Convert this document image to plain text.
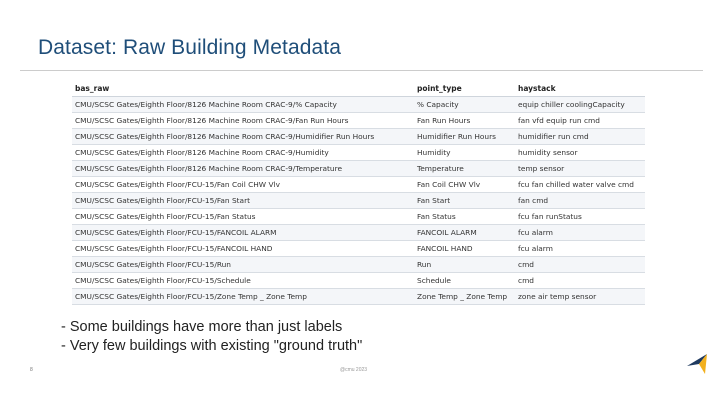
Dataset: Raw Building Metadata
bas_raw	point_type	haystack
CMU/SCSC Gates/Eighth Floor/8126 Machine Room CRAC-9/% Capacity	% Capacity	equip chiller coolingCapacity
CMU/SCSC Gates/Eighth Floor/8126 Machine Room CRAC-9/Fan Run Hours	Fan Run Hours	fan vfd equip run cmd
CMU/SCSC Gates/Eighth Floor/8126 Machine Room CRAC-9/Humidifier Run Hours	Humidifier Run Hours	humidifier run cmd
CMU/SCSC Gates/Eighth Floor/8126 Machine Room CRAC-9/Humidity	Humidity	humidity sensor
CMU/SCSC Gates/Eighth Floor/8126 Machine Room CRAC-9/Temperature	Temperature	temp sensor
CMU/SCSC Gates/Eighth Floor/FCU-15/Fan Coil CHW Vlv	Fan Coil CHW Vlv	fcu fan chilled water valve cmd
CMU/SCSC Gates/Eighth Floor/FCU-15/Fan Start	Fan Start	fan cmd
CMU/SCSC Gates/Eighth Floor/FCU-15/Fan Status	Fan Status	fcu fan runStatus
CMU/SCSC Gates/Eighth Floor/FCU-15/FANCOIL ALARM	FANCOIL ALARM	fcu alarm
CMU/SCSC Gates/Eighth Floor/FCU-15/FANCOIL HAND	FANCOIL HAND	fcu alarm
CMU/SCSC Gates/Eighth Floor/FCU-15/Run	Run	cmd
CMU/SCSC Gates/Eighth Floor/FCU-15/Schedule	Schedule	cmd
CMU/SCSC Gates/Eighth Floor/FCU-15/Zone Temp _ Zone Temp	Zone Temp _ Zone Temp	zone air temp sensor
- Some buildings have more than just labels
- Very few buildings with existing "ground truth"
8	@cmu 2023
